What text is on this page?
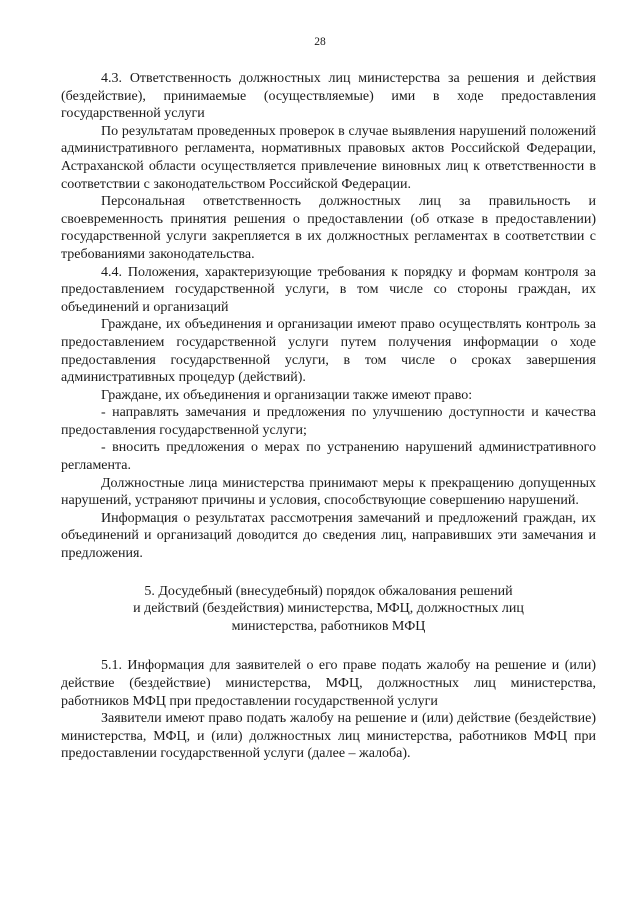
28

4.3. Ответственность должностных лиц министерства за решения и действия (бездействие), принимаемые (осуществляемые) ими в ходе предоставления государственной услуги

По результатам проведенных проверок в случае выявления нарушений положений административного регламента, нормативных правовых актов Российской Федерации, Астраханской области осуществляется привлечение виновных лиц к ответственности в соответствии с законодательством Российской Федерации.

Персональная ответственность должностных лиц за правильность и своевременность принятия решения о предоставлении (об отказе в предоставлении) государственной услуги закрепляется в их должностных регламентах в соответствии с требованиями законодательства.

4.4. Положения, характеризующие требования к порядку и формам контроля за предоставлением государственной услуги, в том числе со стороны граждан, их объединений и организаций

Граждане, их объединения и организации имеют право осуществлять контроль за предоставлением государственной услуги путем получения информации о ходе предоставления государственной услуги, в том числе о сроках завершения административных процедур (действий).

Граждане, их объединения и организации также имеют право:

- направлять замечания и предложения по улучшению доступности и качества предоставления государственной услуги;

- вносить предложения о мерах по устранению нарушений административного регламента.

Должностные лица министерства принимают меры к прекращению допущенных нарушений, устраняют причины и условия, способствующие совершению нарушений.

Информация о результатах рассмотрения замечаний и предложений граждан, их объединений и организаций доводится до сведения лиц, направивших эти замечания и предложения.

5. Досудебный (внесудебный) порядок обжалования решений
и действий (бездействия) министерства, МФЦ, должностных лиц
министерства, работников МФЦ

5.1. Информация для заявителей о его праве подать жалобу на решение и (или) действие (бездействие) министерства, МФЦ, должностных лиц министерства, работников МФЦ при предоставлении государственной услуги

Заявители имеют право подать жалобу на решение и (или) действие (бездействие) министерства, МФЦ, и (или) должностных лиц министерства, работников МФЦ при предоставлении государственной услуги (далее – жалоба).
